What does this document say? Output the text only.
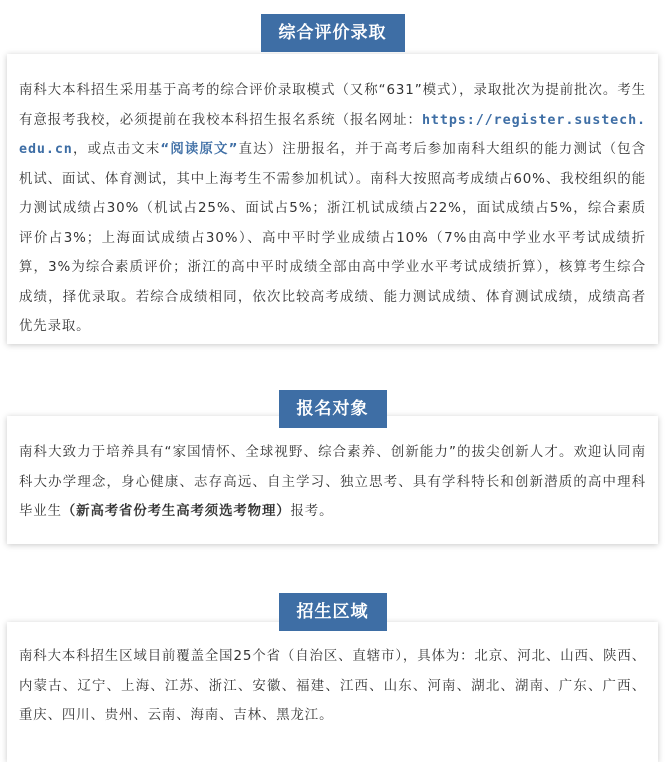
综合评价录取

南科大本科招生采用基于高考的综合评价录取模式（又称“631”模式），录取批次为提前批次。考生有意报考我校，必须提前在我校本科招生报名系统（报名网址：https://register.sustech.edu.cn，或点击文末“阅读原文”直达）注册报名，并于高考后参加南科大组织的能力测试（包含机试、面试、体育测试，其中上海考生不需参加机试）。南科大按照高考成绩占60%、我校组织的能力测试成绩占30%（机试占25%、面试占5%；浙江机试成绩占22%，面试成绩占5%，综合素质评价占3%；上海面试成绩占30%）、高中平时学业成绩占10%（7%由高中学业水平考试成绩折算，3%为综合素质评价；浙江的高中平时成绩全部由高中学业水平考试成绩折算），核算考生综合成绩，择优录取。若综合成绩相同，依次比较高考成绩、能力测试成绩、体育测试成绩，成绩高者优先录取。

报名对象

南科大致力于培养具有“家国情怀、全球视野、综合素养、创新能力”的拔尖创新人才。欢迎认同南科大办学理念，身心健康、志存高远、自主学习、独立思考、具有学科特长和创新潜质的高中理科毕业生（新高考省份考生高考须选考物理）报考。

招生区域

南科大本科招生区域目前覆盖全国25个省（自治区、直辖市），具体为：北京、河北、山西、陕西、内蒙古、辽宁、上海、江苏、浙江、安徽、福建、江西、山东、河南、湖北、湖南、广东、广西、重庆、四川、贵州、云南、海南、吉林、黑龙江。
